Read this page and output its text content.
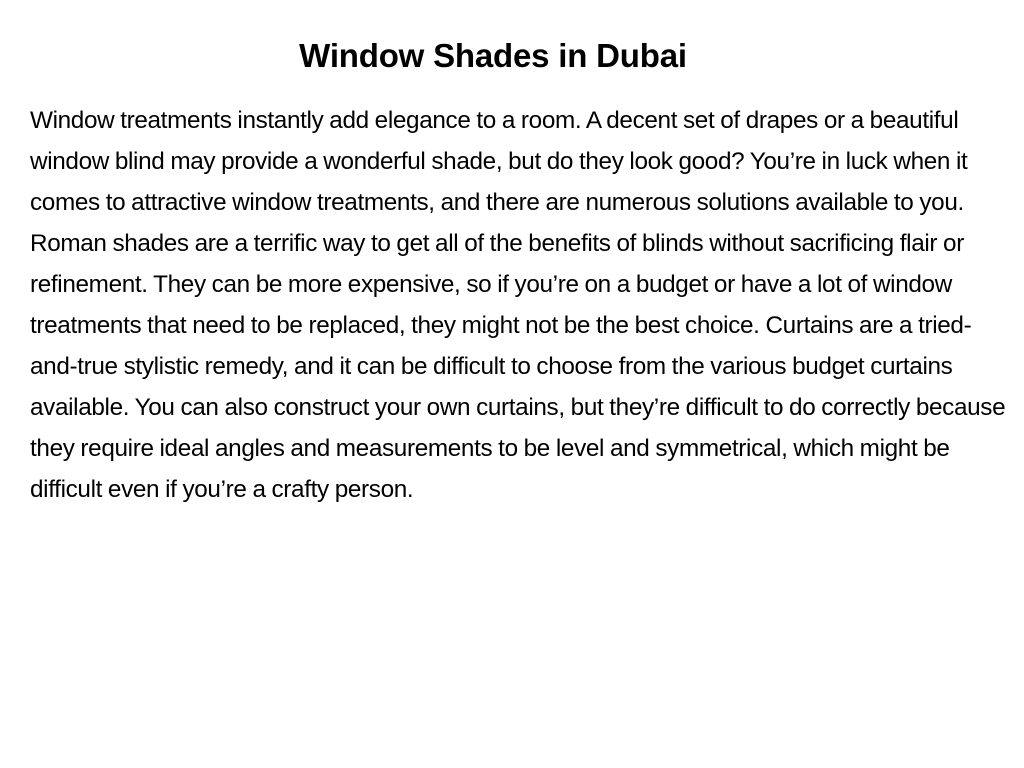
Window Shades in Dubai

Window treatments instantly add elegance to a room. A decent set of drapes or a beautiful window blind may provide a wonderful shade, but do they look good? You’re in luck when it comes to attractive window treatments, and there are numerous solutions available to you. Roman shades are a terrific way to get all of the benefits of blinds without sacrificing flair or refinement. They can be more expensive, so if you’re on a budget or have a lot of window treatments that need to be replaced, they might not be the best choice. Curtains are a tried-and-true stylistic remedy, and it can be difficult to choose from the various budget curtains available. You can also construct your own curtains, but they’re difficult to do correctly because they require ideal angles and measurements to be level and symmetrical, which might be difficult even if you’re a crafty person.
